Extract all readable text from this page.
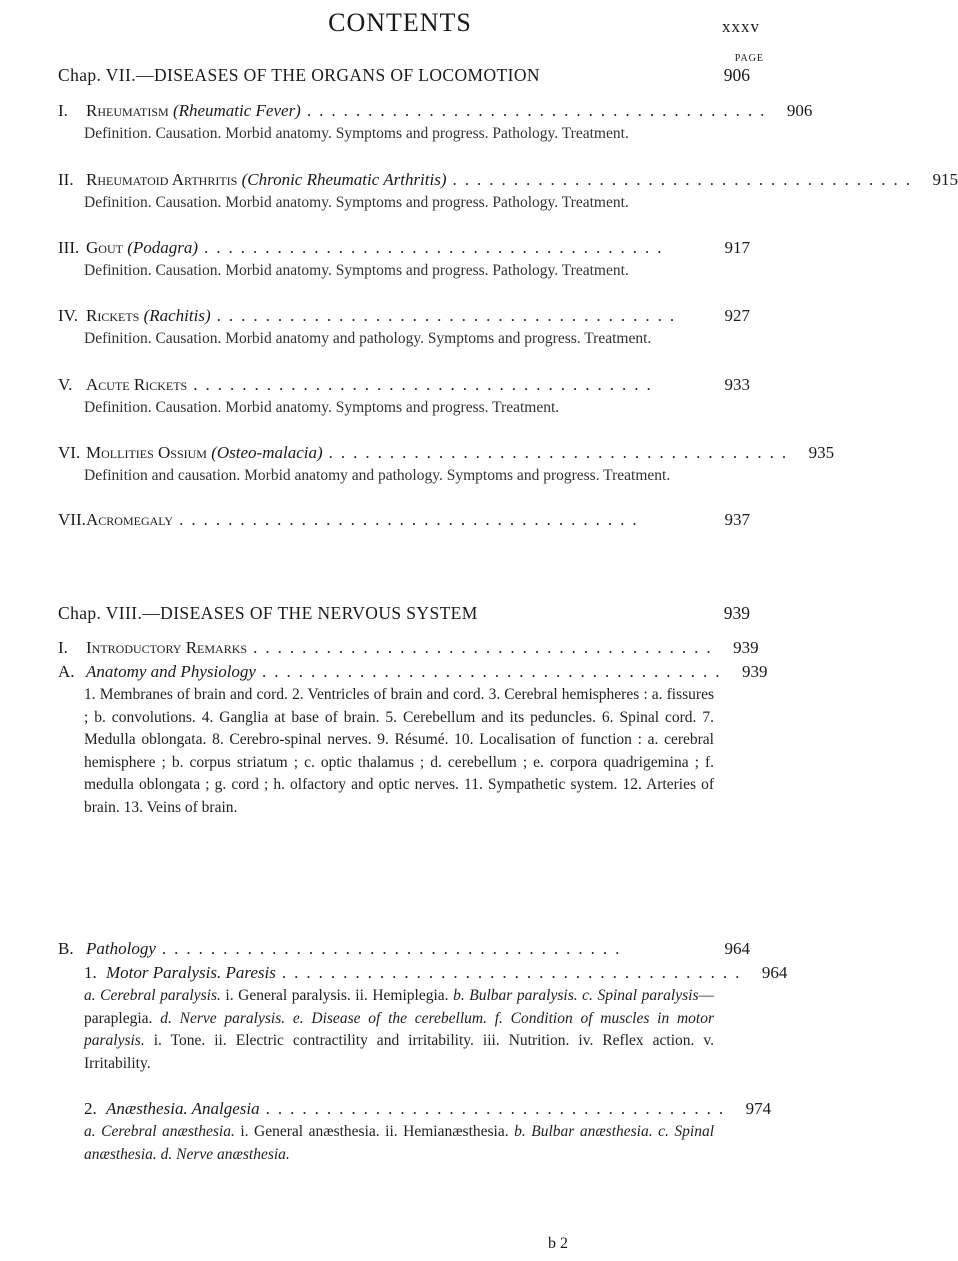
CONTENTS	xxxv
PAGE
Chap. VII.—DISEASES OF THE ORGANS OF LOCOMOTION	906
I.	Rheumatism (Rheumatic Fever) ...................................... 906
Definition. Causation. Morbid anatomy. Symptoms and progress. Pathology. Treatment.
II. Rheumatoid Arthritis (Chronic Rheumatic Arthritis) ...................................... 915
Definition. Causation. Morbid anatomy. Symptoms and progress. Pathology. Treatment.
III. Gout (Podagra) ......................................	917
Definition. Causation. Morbid anatomy. Symptoms and progress. Pathology. Treatment.
IV. Rickets (Rachitis) ......................................	927
Definition. Causation. Morbid anatomy and pathology. Symptoms and progress. Treatment.
V. Acute Rickets ......................................	933
Definition. Causation. Morbid anatomy. Symptoms and progress. Treatment.
VI. Mollities Ossium (Osteo-malacia) ...................................... 935
Definition and causation. Morbid anatomy and pathology. Symptoms and progress. Treatment.
VII. Acromegaly ......................................	937
Chap. VIII.—DISEASES OF THE NERVOUS SYSTEM	939
I.	Introductory Remarks ...................................... 939
A. Anatomy and Physiology ...................................... 939
1. Membranes of brain and cord. 2. Ventricles of brain and cord. 3. Cerebral hemispheres : a. fissures ; b. convolutions. 4. Ganglia at base of brain. 5. Cerebellum and its peduncles. 6. Spinal cord. 7. Medulla oblongata. 8. Cerebro-spinal nerves. 9. Résumé. 10. Localisation of function : a. cerebral hemisphere ; b. corpus striatum ; c. optic thalamus ; d. cerebellum ; e. corpora quadrigemina ; f. medulla oblongata ; g. cord ; h. olfactory and optic nerves. 11. Sympathetic system. 12. Arteries of brain. 13. Veins of brain.
B. Pathology ......................................	964
1. Motor Paralysis. Paresis ...................................... 964
a. Cerebral paralysis. i. General paralysis. ii. Hemiplegia. b. Bulbar paralysis. c. Spinal paralysis—paraplegia. d. Nerve paralysis. e. Disease of the cerebellum. f. Condition of muscles in motor paralysis. i. Tone. ii. Electric contractility and irritability. iii. Nutrition. iv. Reflex action. v. Irritability.
2. Anæsthesia. Analgesia ...................................... 974
a. Cerebral anæsthesia. i. General anæsthesia. ii. Hemianæsthesia. b. Bulbar anæsthesia. c. Spinal anæsthesia. d. Nerve anæsthesia.
b 2
